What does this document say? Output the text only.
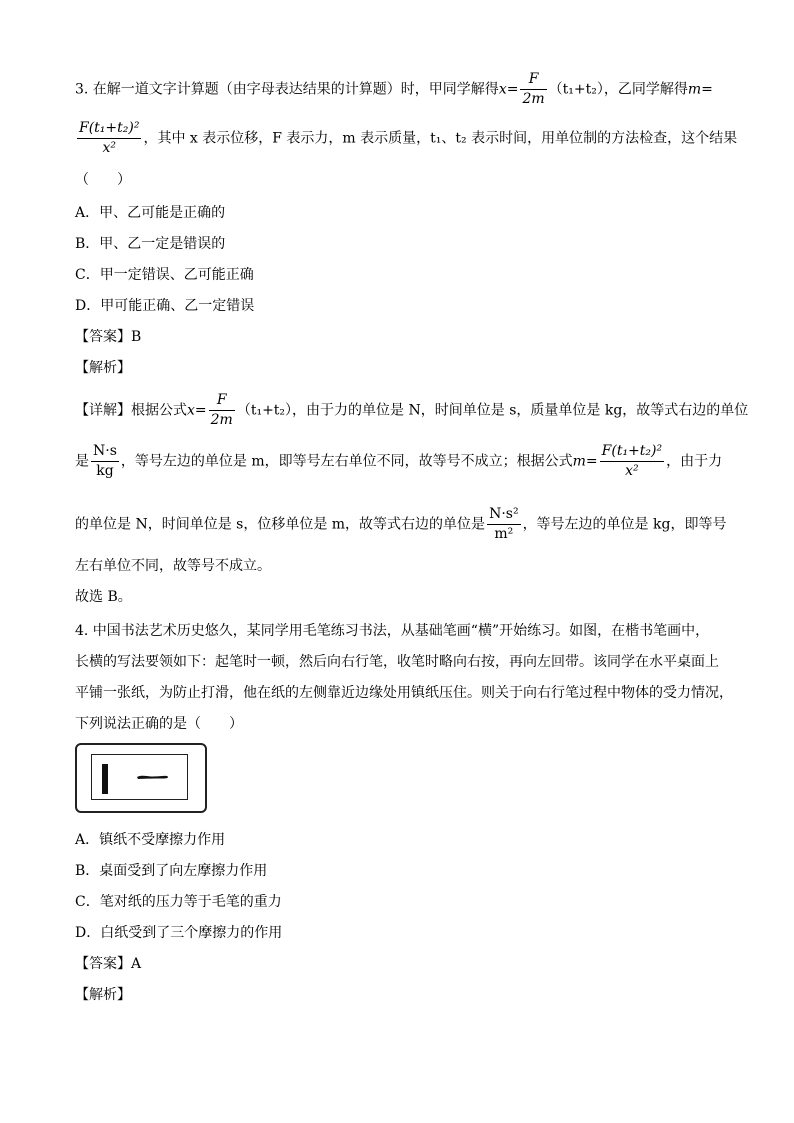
3. 在解一道文字计算题（由字母表达结果的计算题）时，甲同学解得$x= \frac{F}{2m} (t_1+t_2)$，乙同学解得m=
$\frac{\text{F(t₁+t₂)²}}{\text{x²}}$ ，其中 x 表示位移，F 表示力，m 表示质量，t₁、t₂ 表示时间，用单位制的方法检查，这个结果
（　　）
A．甲、乙可能是正确的
B．甲、乙一定是错误的
C．甲一定错误、乙可能正确
D．甲可能正确、乙一定错误
【答案】B
【解析】
【详解】根据公式$x= \frac{F}{2m} (t_1+t_2)$，由于力的单位是 N，时间单位是 s，质量单位是 kg，故等式右边的单位
是 $\frac{N\cdot s}{kg}$ ，等号左边的单位是 m，即等号左右单位不同，故等号不成立；根据公式$m= \frac{\text{F(t₁+t₂)²}}{\text{x²}}$ ，由于力
的单位是 N，时间单位是 s，位移单位是 m，故等式右边的单位是 $\frac{\text{N·s²}}{\text{m²}}$ ，等号左边的单位是 kg，即等号
左右单位不同，故等号不成立。
故选 B。
4. 中国书法艺术历史悠久，某同学用毛笔练习书法，从基础笔画“横”开始练习。如图，在楷书笔画中，
长横的写法要领如下：起笔时一顿，然后向右行笔，收笔时略向右按，再向左回带。该同学在水平桌面上
平铺一张纸，为防止打滑，他在纸的左侧靠近边缘处用镇纸压住。则关于向右行笔过程中物体的受力情况，
下列说法正确的是（　　）
A．镇纸不受摩擦力作用
B．桌面受到了向左摩擦力作用
C．笔对纸的压力等于毛笔的重力
D．白纸受到了三个摩擦力的作用
【答案】A
【解析】
